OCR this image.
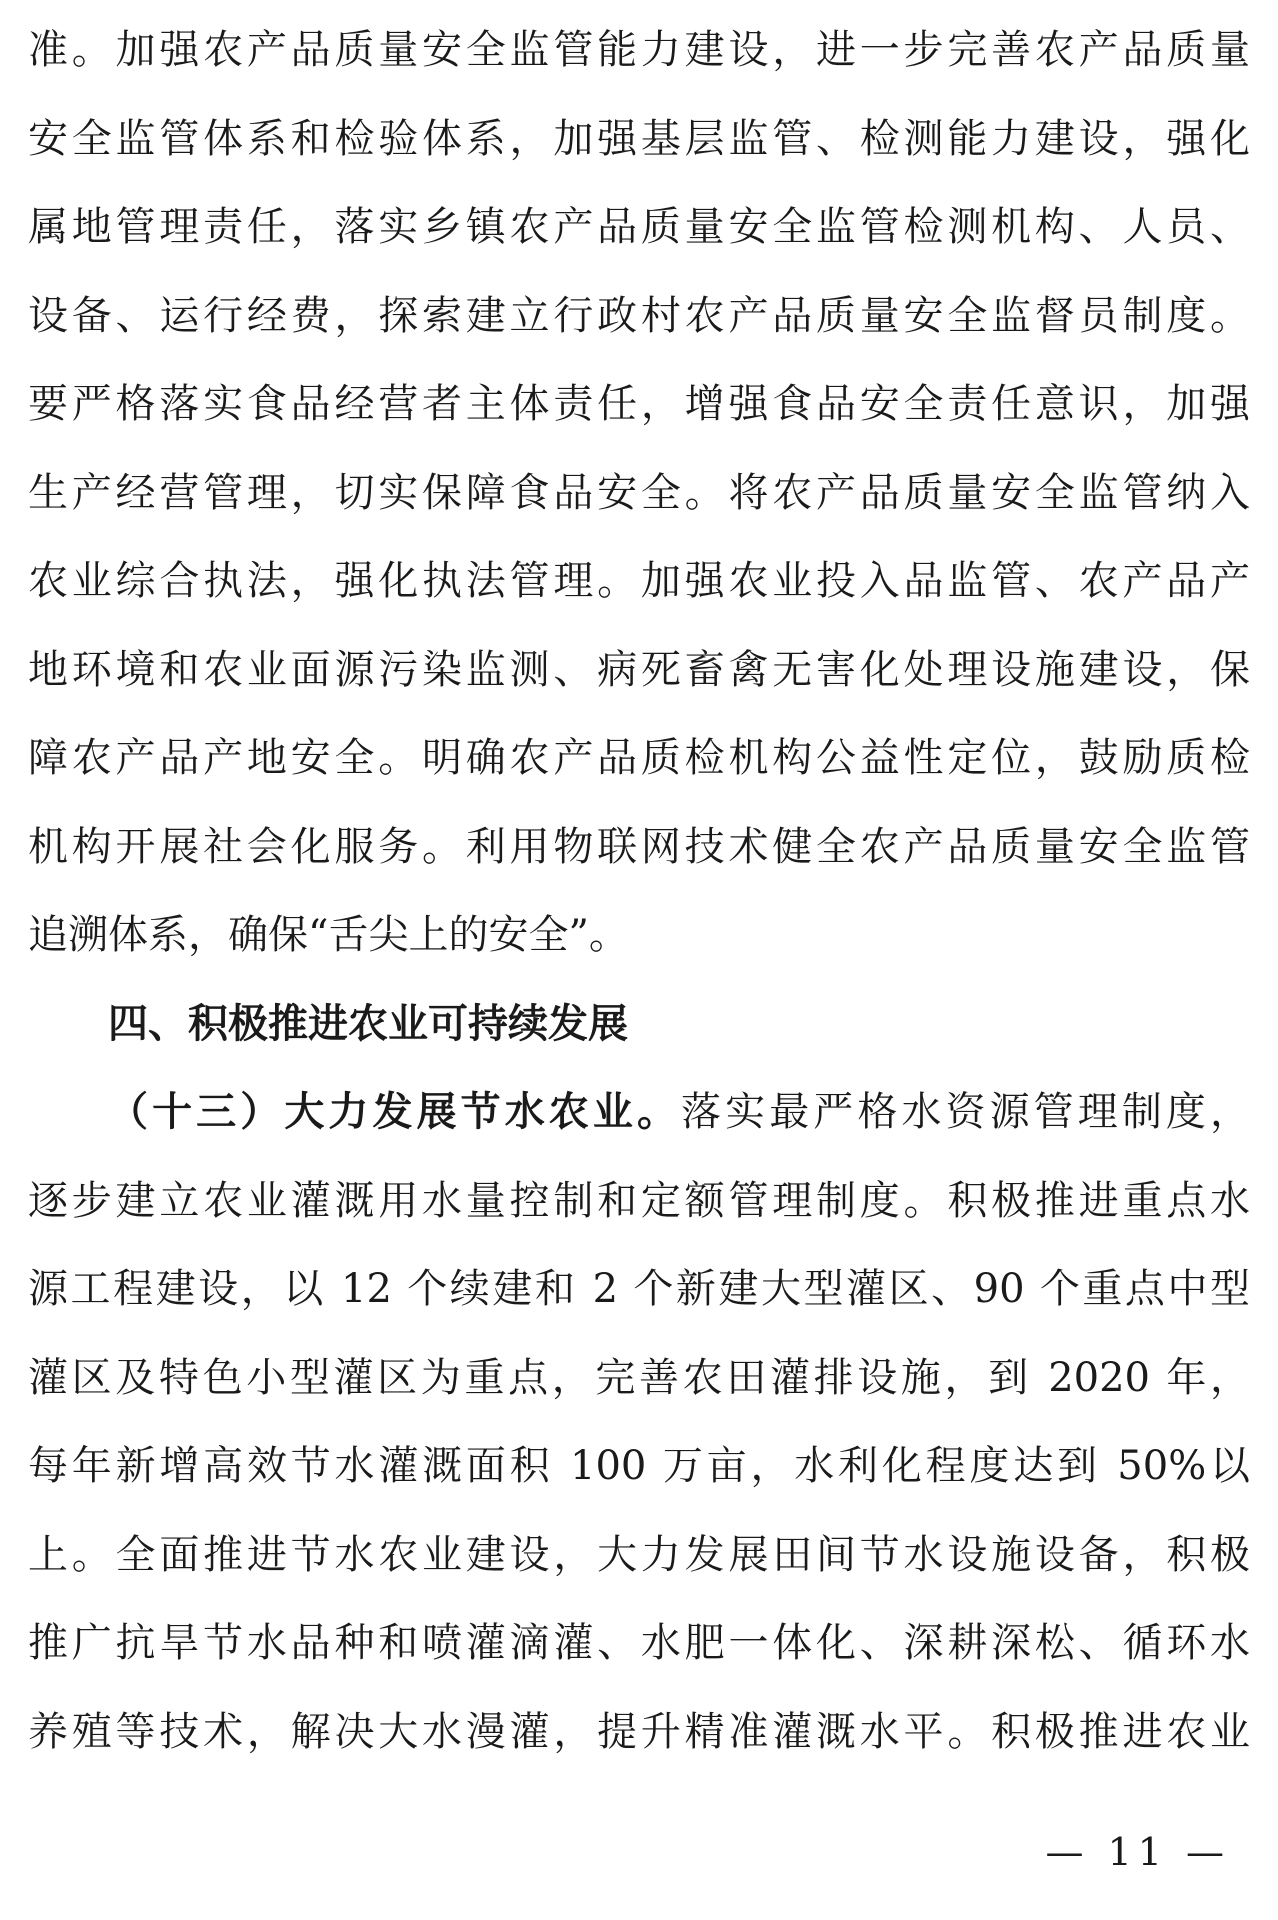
准。加强农产品质量安全监管能力建设，进一步完善农产品质量
安全监管体系和检验体系，加强基层监管、检测能力建设，强化
属地管理责任，落实乡镇农产品质量安全监管检测机构、人员、
设备、运行经费，探索建立行政村农产品质量安全监督员制度。
要严格落实食品经营者主体责任，增强食品安全责任意识，加强
生产经营管理，切实保障食品安全。将农产品质量安全监管纳入
农业综合执法，强化执法管理。加强农业投入品监管、农产品产
地环境和农业面源污染监测、病死畜禽无害化处理设施建设，保
障农产品产地安全。明确农产品质检机构公益性定位，鼓励质检
机构开展社会化服务。利用物联网技术健全农产品质量安全监管
追溯体系，确保“舌尖上的安全”。
四、积极推进农业可持续发展
（十三）大力发展节水农业。落实最严格水资源管理制度，
逐步建立农业灌溉用水量控制和定额管理制度。积极推进重点水
源工程建设，以 12 个续建和 2 个新建大型灌区、90 个重点中型
灌区及特色小型灌区为重点，完善农田灌排设施，到 2020 年，
每年新增高效节水灌溉面积 100 万亩，水利化程度达到 50%以
上。全面推进节水农业建设，大力发展田间节水设施设备，积极
推广抗旱节水品种和喷灌滴灌、水肥一体化、深耕深松、循环水
养殖等技术，解决大水漫灌，提升精准灌溉水平。积极推进农业
— 11 —
